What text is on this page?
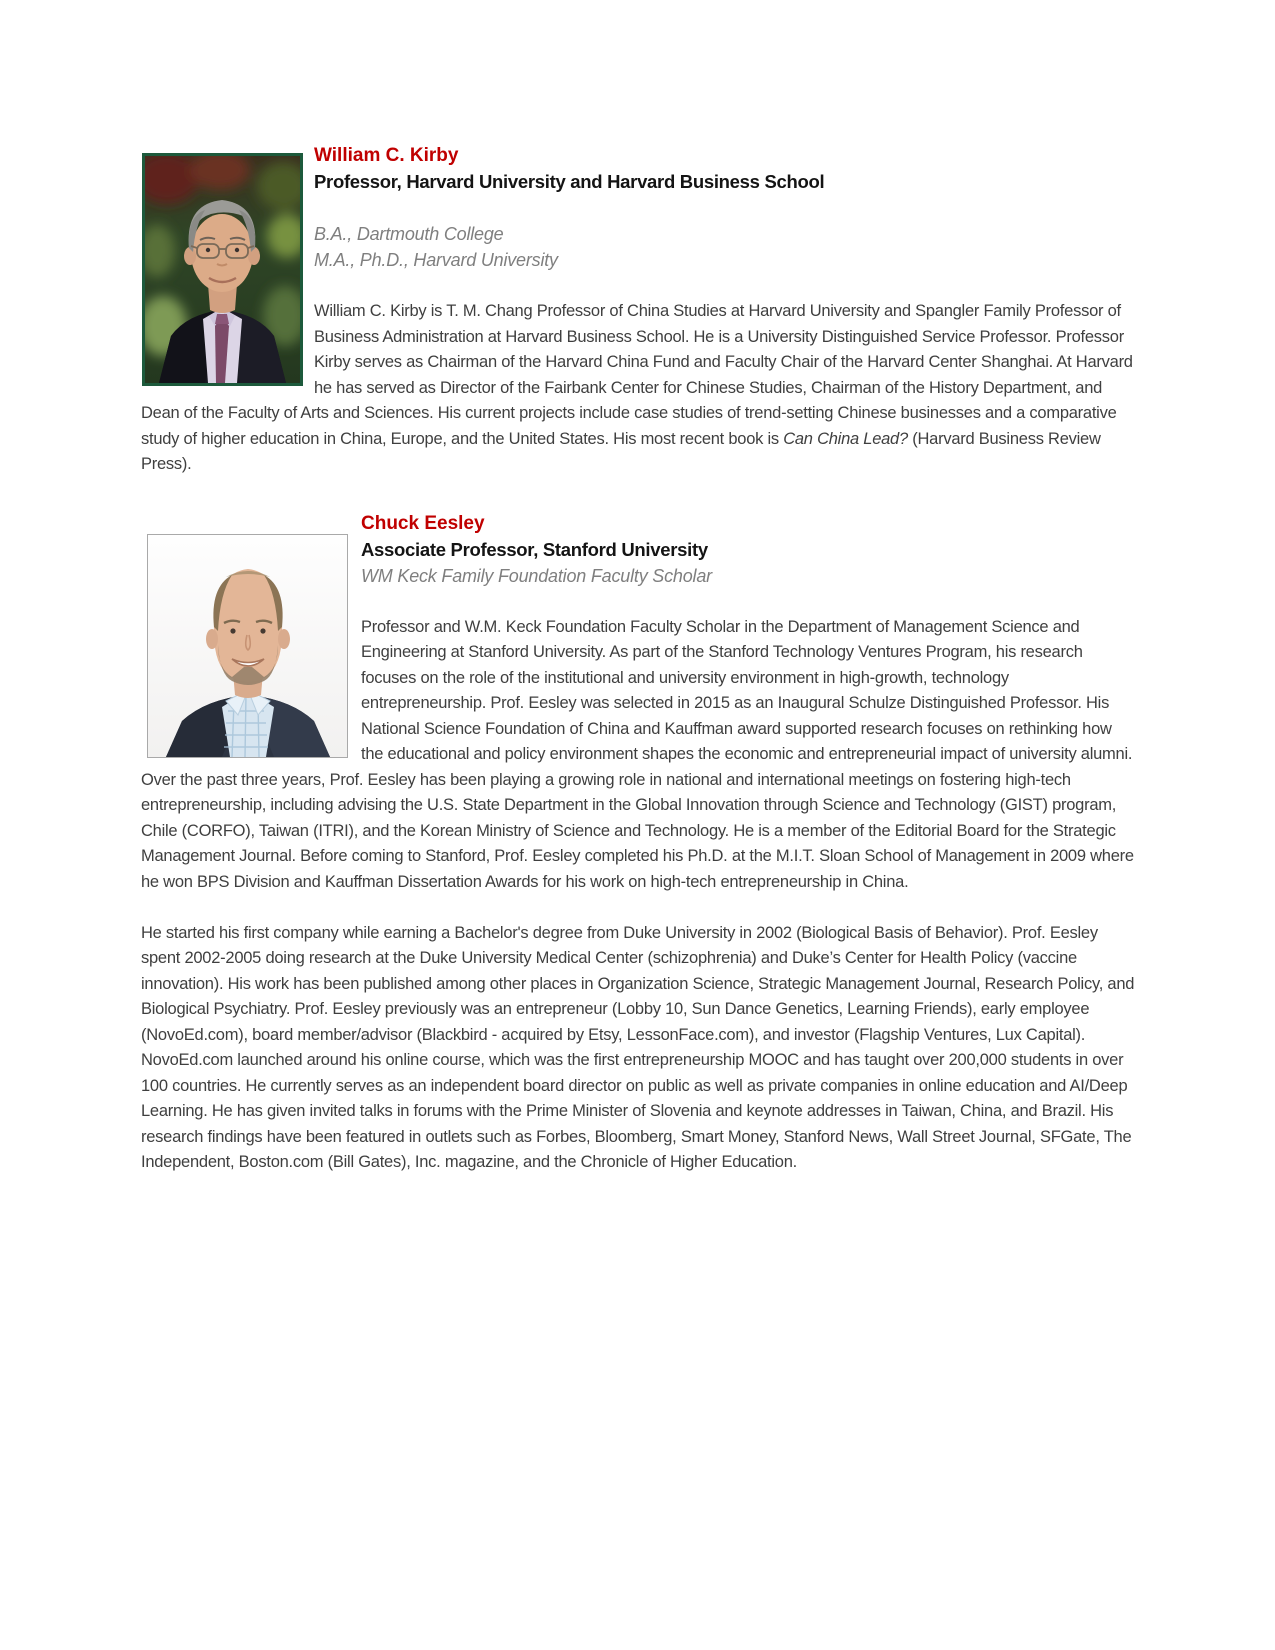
William C. Kirby
Professor, Harvard University and Harvard Business School
B.A., Dartmouth College
M.A., Ph.D., Harvard University

William C. Kirby is T. M. Chang Professor of China Studies at Harvard University and Spangler Family Professor of Business Administration at Harvard Business School. He is a University Distinguished Service Professor. Professor Kirby serves as Chairman of the Harvard China Fund and Faculty Chair of the Harvard Center Shanghai. At Harvard he has served as Director of the Fairbank Center for Chinese Studies, Chairman of the History Department, and Dean of the Faculty of Arts and Sciences. His current projects include case studies of trend-setting Chinese businesses and a comparative study of higher education in China, Europe, and the United States. His most recent book is Can China Lead? (Harvard Business Review Press).

Chuck Eesley
Associate Professor, Stanford University
WM Keck Family Foundation Faculty Scholar

Professor and W.M. Keck Foundation Faculty Scholar in the Department of Management Science and Engineering at Stanford University. As part of the Stanford Technology Ventures Program, his research focuses on the role of the institutional and university environment in high-growth, technology entrepreneurship. Prof. Eesley was selected in 2015 as an Inaugural Schulze Distinguished Professor. His National Science Foundation of China and Kauffman award supported research focuses on rethinking how the educational and policy environment shapes the economic and entrepreneurial impact of university alumni. Over the past three years, Prof. Eesley has been playing a growing role in national and international meetings on fostering high-tech entrepreneurship, including advising the U.S. State Department in the Global Innovation through Science and Technology (GIST) program, Chile (CORFO), Taiwan (ITRI), and the Korean Ministry of Science and Technology. He is a member of the Editorial Board for the Strategic Management Journal. Before coming to Stanford, Prof. Eesley completed his Ph.D. at the M.I.T. Sloan School of Management in 2009 where he won BPS Division and Kauffman Dissertation Awards for his work on high-tech entrepreneurship in China.

He started his first company while earning a Bachelor's degree from Duke University in 2002 (Biological Basis of Behavior). Prof. Eesley spent 2002-2005 doing research at the Duke University Medical Center (schizophrenia) and Duke’s Center for Health Policy (vaccine innovation). His work has been published among other places in Organization Science, Strategic Management Journal, Research Policy, and Biological Psychiatry. Prof. Eesley previously was an entrepreneur (Lobby 10, Sun Dance Genetics, Learning Friends), early employee (NovoEd.com), board member/advisor (Blackbird - acquired by Etsy, LessonFace.com), and investor (Flagship Ventures, Lux Capital). NovoEd.com launched around his online course, which was the first entrepreneurship MOOC and has taught over 200,000 students in over 100 countries. He currently serves as an independent board director on public as well as private companies in online education and AI/Deep Learning. He has given invited talks in forums with the Prime Minister of Slovenia and keynote addresses in Taiwan, China, and Brazil. His research findings have been featured in outlets such as Forbes, Bloomberg, Smart Money, Stanford News, Wall Street Journal, SFGate, The Independent, Boston.com (Bill Gates), Inc. magazine, and the Chronicle of Higher Education.
